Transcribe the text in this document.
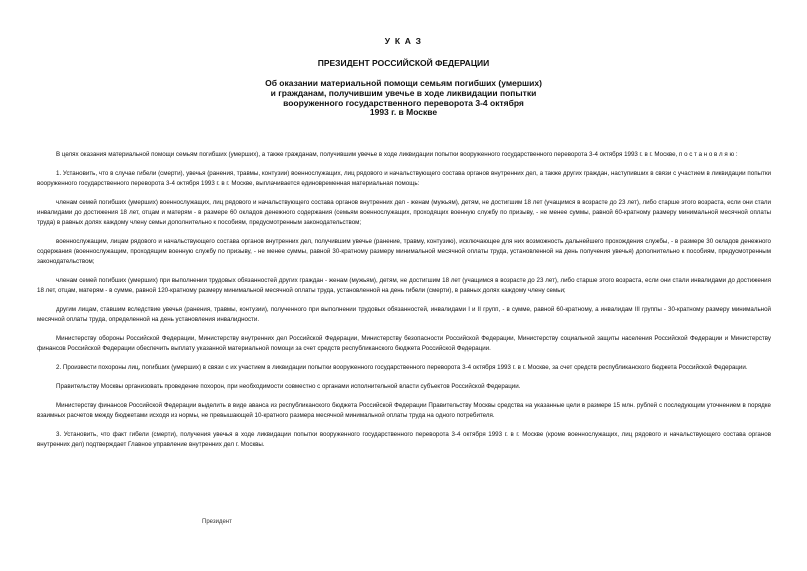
У К А З
ПРЕЗИДЕНТ РОССИЙСКОЙ ФЕДЕРАЦИИ
Об оказании материальной помощи семьям погибших (умерших)
и гражданам, получившим увечье в ходе ликвидации попытки
вооруженного государственного переворота 3-4 октября
1993 г. в Москве

В целях оказания материальной помощи семьям погибших (умерших), а также гражданам, получившим увечье в ходе ликвидации попытки вооруженного государственного переворота 3-4 октября 1993 г. в г. Москве, п о с т а н о в л я ю :

1. Установить, что в случае гибели (смерти), увечья (ранения, травмы, контузии) военнослужащих, лиц рядового и начальствующего состава органов внутренних дел, а также других граждан, наступивших в связи с участием в ликвидации попытки вооруженного государственного переворота 3-4 октября 1993 г. в г. Москве, выплачивается единовременная материальная помощь:

членам семей погибших (умерших) военнослужащих, лиц рядового и начальствующего состава органов внутренних дел - женам (мужьям), детям, не достигшим 18 лет (учащимся в возрасте до 23 лет), либо старше этого возраста, если они стали инвалидами до достижения 18 лет, отцам и матерям - в размере 60 окладов денежного содержания (семьям военнослужащих, проходящих военную службу по призыву, - не менее суммы, равной 60-кратному размеру минимальной месячной оплаты труда) в равных долях каждому члену семьи дополнительно к пособиям, предусмотренным законодательством;

военнослужащим, лицам рядового и начальствующего состава органов внутренних дел, получившим увечье (ранение, травму, контузию), исключающее для них возможность дальнейшего прохождения службы, - в размере 30 окладов денежного содержания (военнослужащим, проходящим военную службу по призыву, - не менее суммы, равной 30-кратному размеру минимальной месячной оплаты труда, установленной на день получения увечья) дополнительно к пособиям, предусмотренным законодательством;

членам семей погибших (умерших) при выполнении трудовых обязанностей других граждан - женам (мужьям), детям, не достигшим 18 лет (учащимся в возрасте до 23 лет), либо старше этого возраста, если они стали инвалидами до достижения 18 лет, отцам, матерям - в сумме, равной 120-кратному размеру минимальной месячной оплаты труда, установленной на день гибели (смерти), в равных долях каждому члену семьи;

другим лицам, ставшим вследствие увечья (ранения, травмы, контузии), полученного при выполнении трудовых обязанностей, инвалидами I и II групп, - в сумме, равной 60-кратному, а инвалидам III группы - 30-кратному размеру минимальной месячной оплаты труда, определенной на день установления инвалидности.

Министерству обороны Российской Федерации, Министерству внутренних дел Российской Федерации, Министерству безопасности Российской Федерации, Министерству социальной защиты населения Российской Федерации и Министерству финансов Российской Федерации обеспечить выплату указанной материальной помощи за счет средств республиканского бюджета Российской Федерации.

2. Произвести похороны лиц, погибших (умерших) в связи с их участием в ликвидации попытки вооруженного государственного переворота 3-4 октября 1993 г. в г. Москве, за счет средств республиканского бюджета Российской Федерации.

Правительству Москвы организовать проведение похорон, при необходимости совместно с органами исполнительной власти субъектов Российской Федерации.

Министерству финансов Российской Федерации выделить в виде аванса из республиканского бюджета Российской Федерации Правительству Москвы средства на указанные цели в размере 15 млн. рублей с последующим уточнением в порядке взаимных расчетов между бюджетами исходя из нормы, не превышающей 10-кратного размера месячной минимальной оплаты труда на одного потребителя.

3. Установить, что факт гибели (смерти), получения увечья в ходе ликвидации попытки вооруженного государственного переворота 3-4 октября 1993 г. в г. Москве (кроме военнослужащих, лиц рядового и начальствующего состава органов внутренних дел) подтверждает Главное управление внутренних дел г. Москвы.

Президент
